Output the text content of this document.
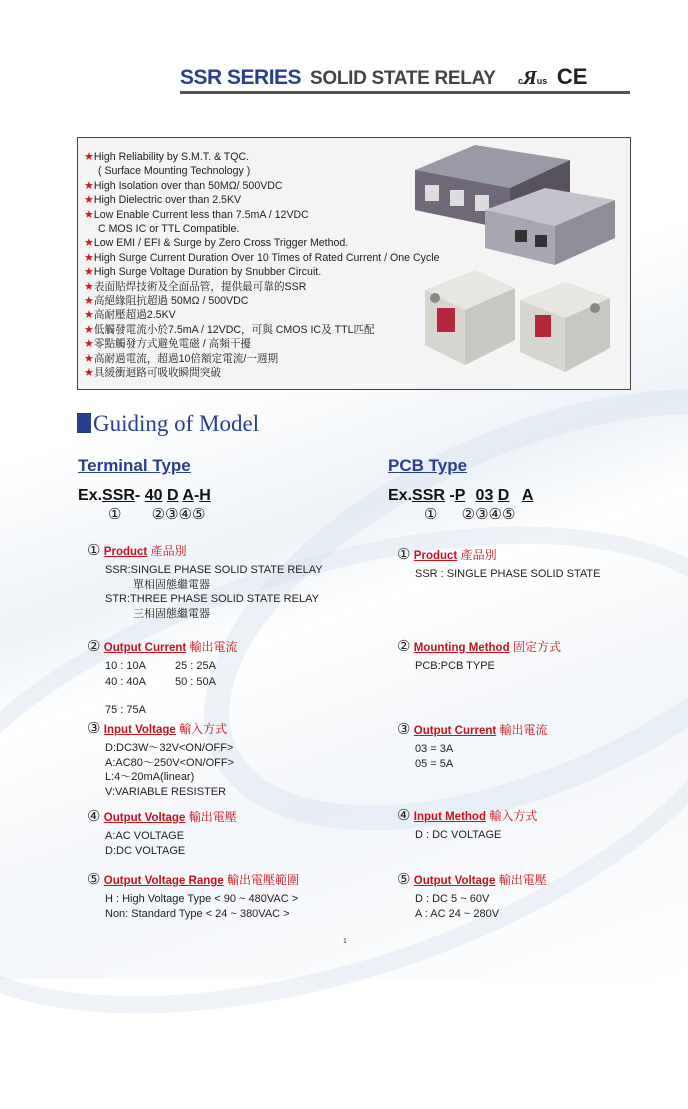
SSR SERIES SOLID STATE RELAY cЯus CE
★High Reliability by S.M.T. & TQC.
( Surface Mounting Technology )
★High Isolation over than 50MΩ/ 500VDC
★High Dielectric over than 2.5KV
★Low Enable Current less than 7.5mA / 12VDC
C MOS IC or TTL Compatible.
★Low EMI / EFI & Surge by Zero Cross Trigger Method.
★High Surge Current Duration Over 10 Times of Rated Current / One Cycle
★High Surge Voltage Duration by Snubber Circuit.
★表面貼焊技術及全面品管，提供最可靠的SSR
★高絕緣阻抗超過 50MΩ / 500VDC
★高耐壓超過2.5KV
★低觸發電流小於7.5mA / 12VDC，可與 CMOS IC及 TTL匹配
★零點觸發方式避免電磁 / 高頻干擾
★高耐過電流，超過10倍額定電流/一週期
★具緩衝迴路可吸收瞬間突破
Guiding of Model
Terminal Type
Ex.SSR- 40 D A-H
① ②③④⑤
PCB Type
Ex.SSR -P 03 D A
① ②③④⑤
① Product 產品別
SSR:SINGLE PHASE SOLID STATE RELAY
單相固態繼電器
STR:THREE PHASE SOLID STATE RELAY
三相固態繼電器
② Output Current 輸出電流
10 : 10A	25 : 25A
40 : 40A	50 : 50A
75 : 75A
③ Input Voltage 輸入方式
D:DC3W～32V<ON/OFF>
A:AC80～250V<ON/OFF>
L:4～20mA(linear)
V:VARIABLE RESISTER
④ Output Voltage 輸出電壓
A:AC VOLTAGE
D:DC VOLTAGE
⑤ Output Voltage Range 輸出電壓範圍
H : High Voltage Type < 90 ~ 480VAC >
Non: Standard Type < 24 ~ 380VAC >
① Product 產品別
SSR : SINGLE PHASE SOLID STATE
② Mounting Method 固定方式
PCB:PCB TYPE
③ Output Current 輸出電流
03 = 3A
05 = 5A
④ Input Method 輸入方式
D : DC VOLTAGE
⑤ Output Voltage 輸出電壓
D : DC 5 ~ 60V
A : AC 24 ~ 280V
1
